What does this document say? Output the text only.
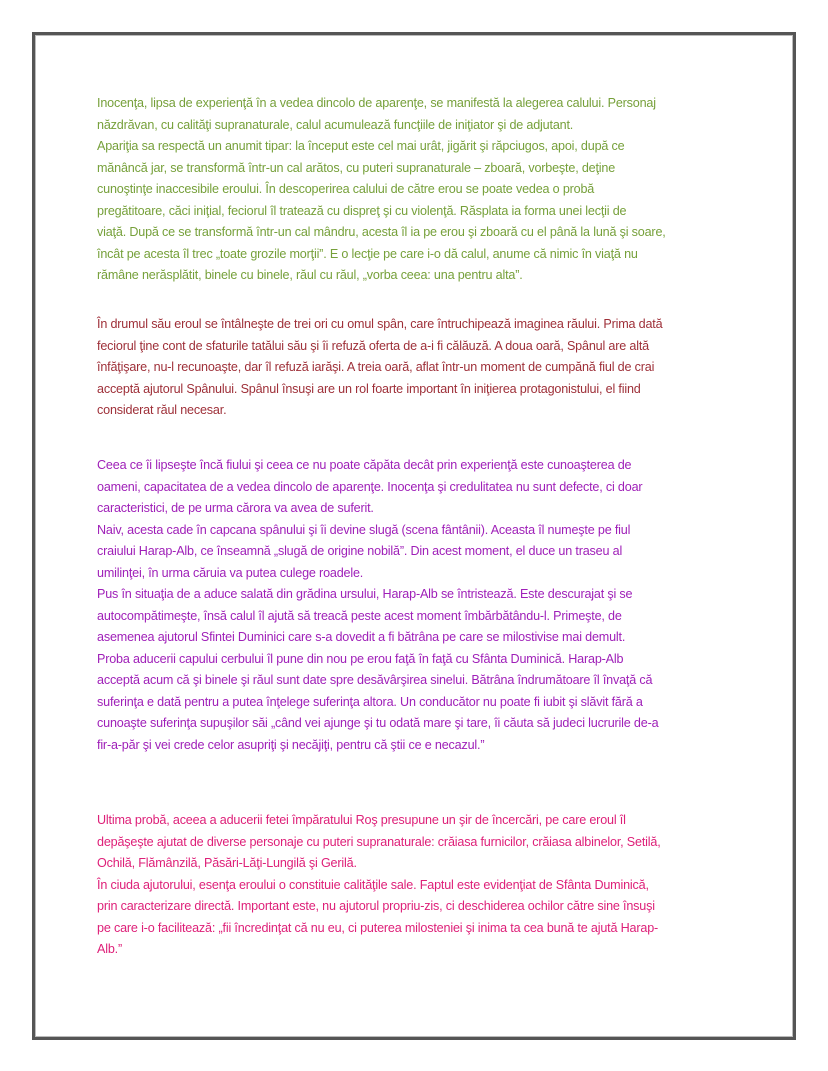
Inocenţa, lipsa de experienţă în a vedea dincolo de aparenţe, se manifestă la alegerea calului. Personaj
năzdrăvan, cu calităţi supranaturale, calul acumulează funcţiile de iniţiator şi de adjutant.
Apariţia sa respectă un anumit tipar: la început este cel mai urât, jigărit şi răpciugos, apoi, după ce
mănâncă jar, se transformă într-un cal arătos, cu puteri supranaturale – zboară, vorbeşte, deţine
cunoştinţe inaccesibile eroului. În descoperirea calului de către erou se poate vedea o probă
pregătitoare, căci iniţial, feciorul îl tratează cu dispreţ şi cu violenţă. Răsplata ia forma unei lecţii de
viaţă. După ce se transformă într-un cal mândru, acesta îl ia pe erou şi zboară cu el până la lună şi soare,
încât pe acesta îl trec „toate grozile morţii”. E o lecţie pe care i-o dă calul, anume că nimic în viaţă nu
rămâne nerăsplătit, binele cu binele, răul cu răul, „vorba ceea: una pentru alta”.

În drumul său eroul se întâlneşte de trei ori cu omul spân, care întruchipează imaginea răului. Prima dată
feciorul ţine cont de sfaturile tatălui său şi îi refuză oferta de a-i fi călăuză. A doua oară, Spânul are altă
înfăţişare, nu-l recunoaşte, dar îl refuză iarăşi. A treia oară, aflat într-un moment de cumpănă fiul de crai
acceptă ajutorul Spânului. Spânul însuşi are un rol foarte important în iniţierea protagonistului, el fiind
considerat răul necesar.

Ceea ce îi lipseşte încă fiului şi ceea ce nu poate căpăta decât prin experienţă este cunoaşterea de
oameni, capacitatea de a vedea dincolo de aparenţe. Inocenţa şi credulitatea nu sunt defecte, ci doar
caracteristici, de pe urma cărora va avea de suferit.
Naiv, acesta cade în capcana spânului şi îi devine slugă (scena fântânii). Aceasta îl numeşte pe fiul
craiului Harap-Alb, ce înseamnă „slugă de origine nobilă”. Din acest moment, el duce un traseu al
umilinţei, în urma căruia va putea culege roadele.
Pus în situaţia de a aduce salată din grădina ursului, Harap-Alb se întristează. Este descurajat şi se
autocompătimeşte, însă calul îl ajută să treacă peste acest moment îmbărbătându-l. Primeşte, de
asemenea ajutorul Sfintei Duminici care s-a dovedit a fi bătrâna pe care se milostivise mai demult.
Proba aducerii capului cerbului îl pune din nou pe erou faţă în faţă cu Sfânta Duminică. Harap-Alb
acceptă acum că şi binele şi răul sunt date spre desăvârşirea sinelui. Bătrâna îndrumătoare îl învaţă că
suferinţa e dată pentru a putea înţelege suferinţa altora. Un conducător nu poate fi iubit şi slăvit fără a
cunoaşte suferinţa supuşilor săi „când vei ajunge şi tu odată mare şi tare, îi căuta să judeci lucrurile de-a
fir-a-păr şi vei crede celor asupriţi şi necăjiţi, pentru că ştii ce e necazul.”

Ultima probă, aceea a aducerii fetei împăratului Roş presupune un şir de încercări, pe care eroul îl
depăşeşte ajutat de diverse personaje cu puteri supranaturale: crăiasa furnicilor, crăiasa albinelor, Setilă,
Ochilă, Flămânzilă, Păsări-Lăţi-Lungilă şi Gerilă.
În ciuda ajutorului, esenţa eroului o constituie calităţile sale. Faptul este evidenţiat de Sfânta Duminică,
prin caracterizare directă. Important este, nu ajutorul propriu-zis, ci deschiderea ochilor către sine însuşi
pe care i-o facilitează: „fii încredinţat că nu eu, ci puterea milosteniei şi inima ta cea bună te ajută Harap-
Alb.”
